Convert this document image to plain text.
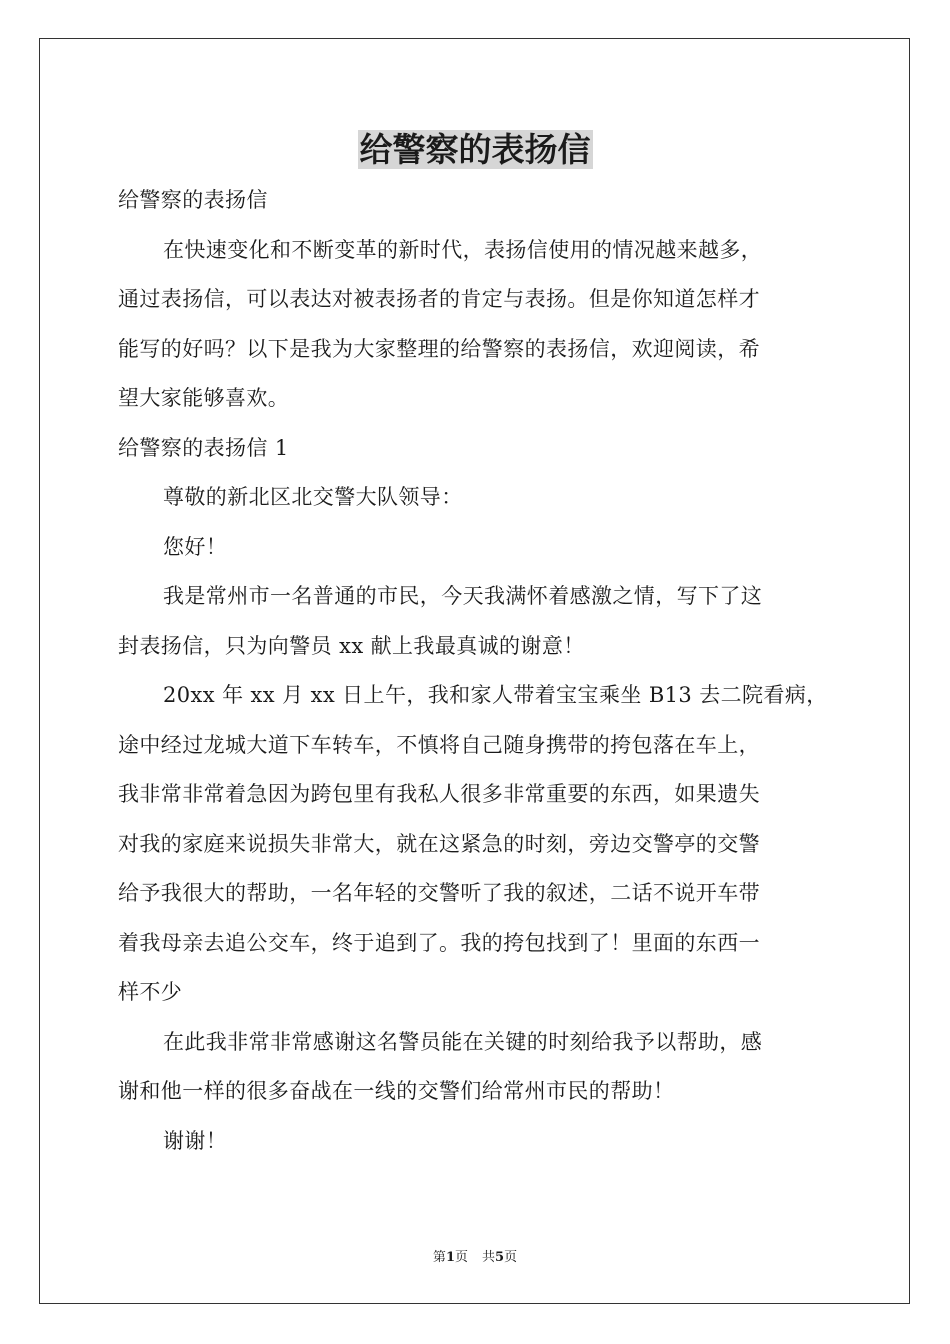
给警察的表扬信
给警察的表扬信
在快速变化和不断变革的新时代，表扬信使用的情况越来越多，
通过表扬信，可以表达对被表扬者的肯定与表扬。但是你知道怎样才
能写的好吗？以下是我为大家整理的给警察的表扬信，欢迎阅读，希
望大家能够喜欢。
给警察的表扬信 1
尊敬的新北区北交警大队领导：
您好！
我是常州市一名普通的市民，今天我满怀着感激之情，写下了这
封表扬信，只为向警员 xx 献上我最真诚的谢意！
20xx 年 xx 月 xx 日上午，我和家人带着宝宝乘坐 B13 去二院看病，
途中经过龙城大道下车转车，不慎将自己随身携带的挎包落在车上，
我非常非常着急因为跨包里有我私人很多非常重要的东西，如果遗失
对我的家庭来说损失非常大，就在这紧急的时刻，旁边交警亭的交警
给予我很大的帮助，一名年轻的交警听了我的叙述，二话不说开车带
着我母亲去追公交车，终于追到了。我的挎包找到了！里面的东西一
样不少
在此我非常非常感谢这名警员能在关键的时刻给我予以帮助，感
谢和他一样的很多奋战在一线的交警们给常州市民的帮助！
谢谢！
第1页 共5页
